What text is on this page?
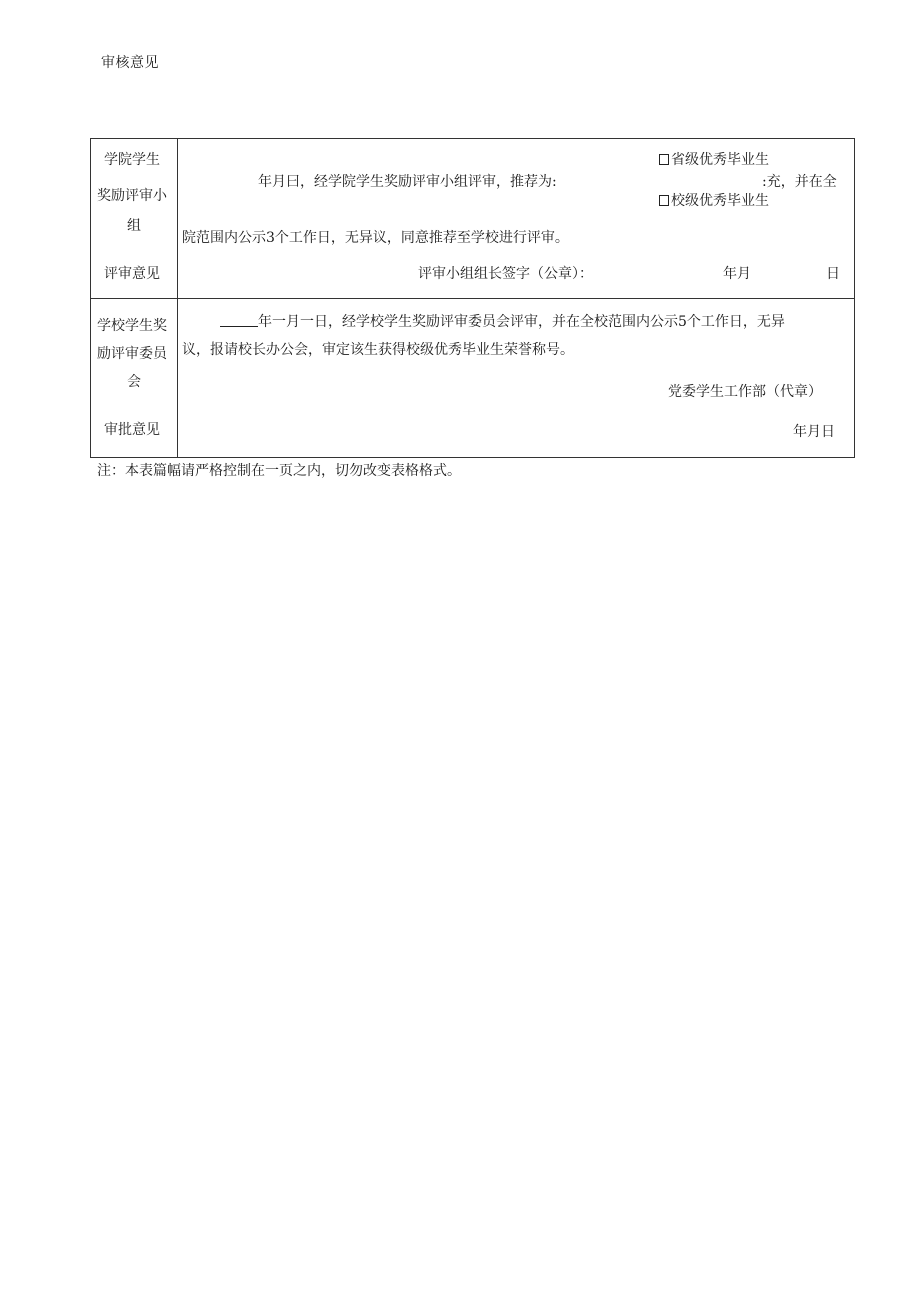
审核意见
学院学生
奖励评审小
组
评审意见
年月曰，经学院学生奖励评审小组评审，推荐为:
省级优秀毕业生
:充，并在全
校级优秀毕业生
院范围内公示3个工作日，无异议，同意推荐至学校进行评审。
评审小组组长签字（公章）：	年月	日
学校学生奖
励评审委员
会
审批意见
年一月一日，经学校学生奖励评审委员会评审，并在全校范围内公示5个工作日，无异
议，报请校长办公会，审定该生获得校级优秀毕业生荣誉称号。
党委学生工作部（代章）
年月日
注：本表篇幅请严格控制在一页之内，切勿改变表格格式。
